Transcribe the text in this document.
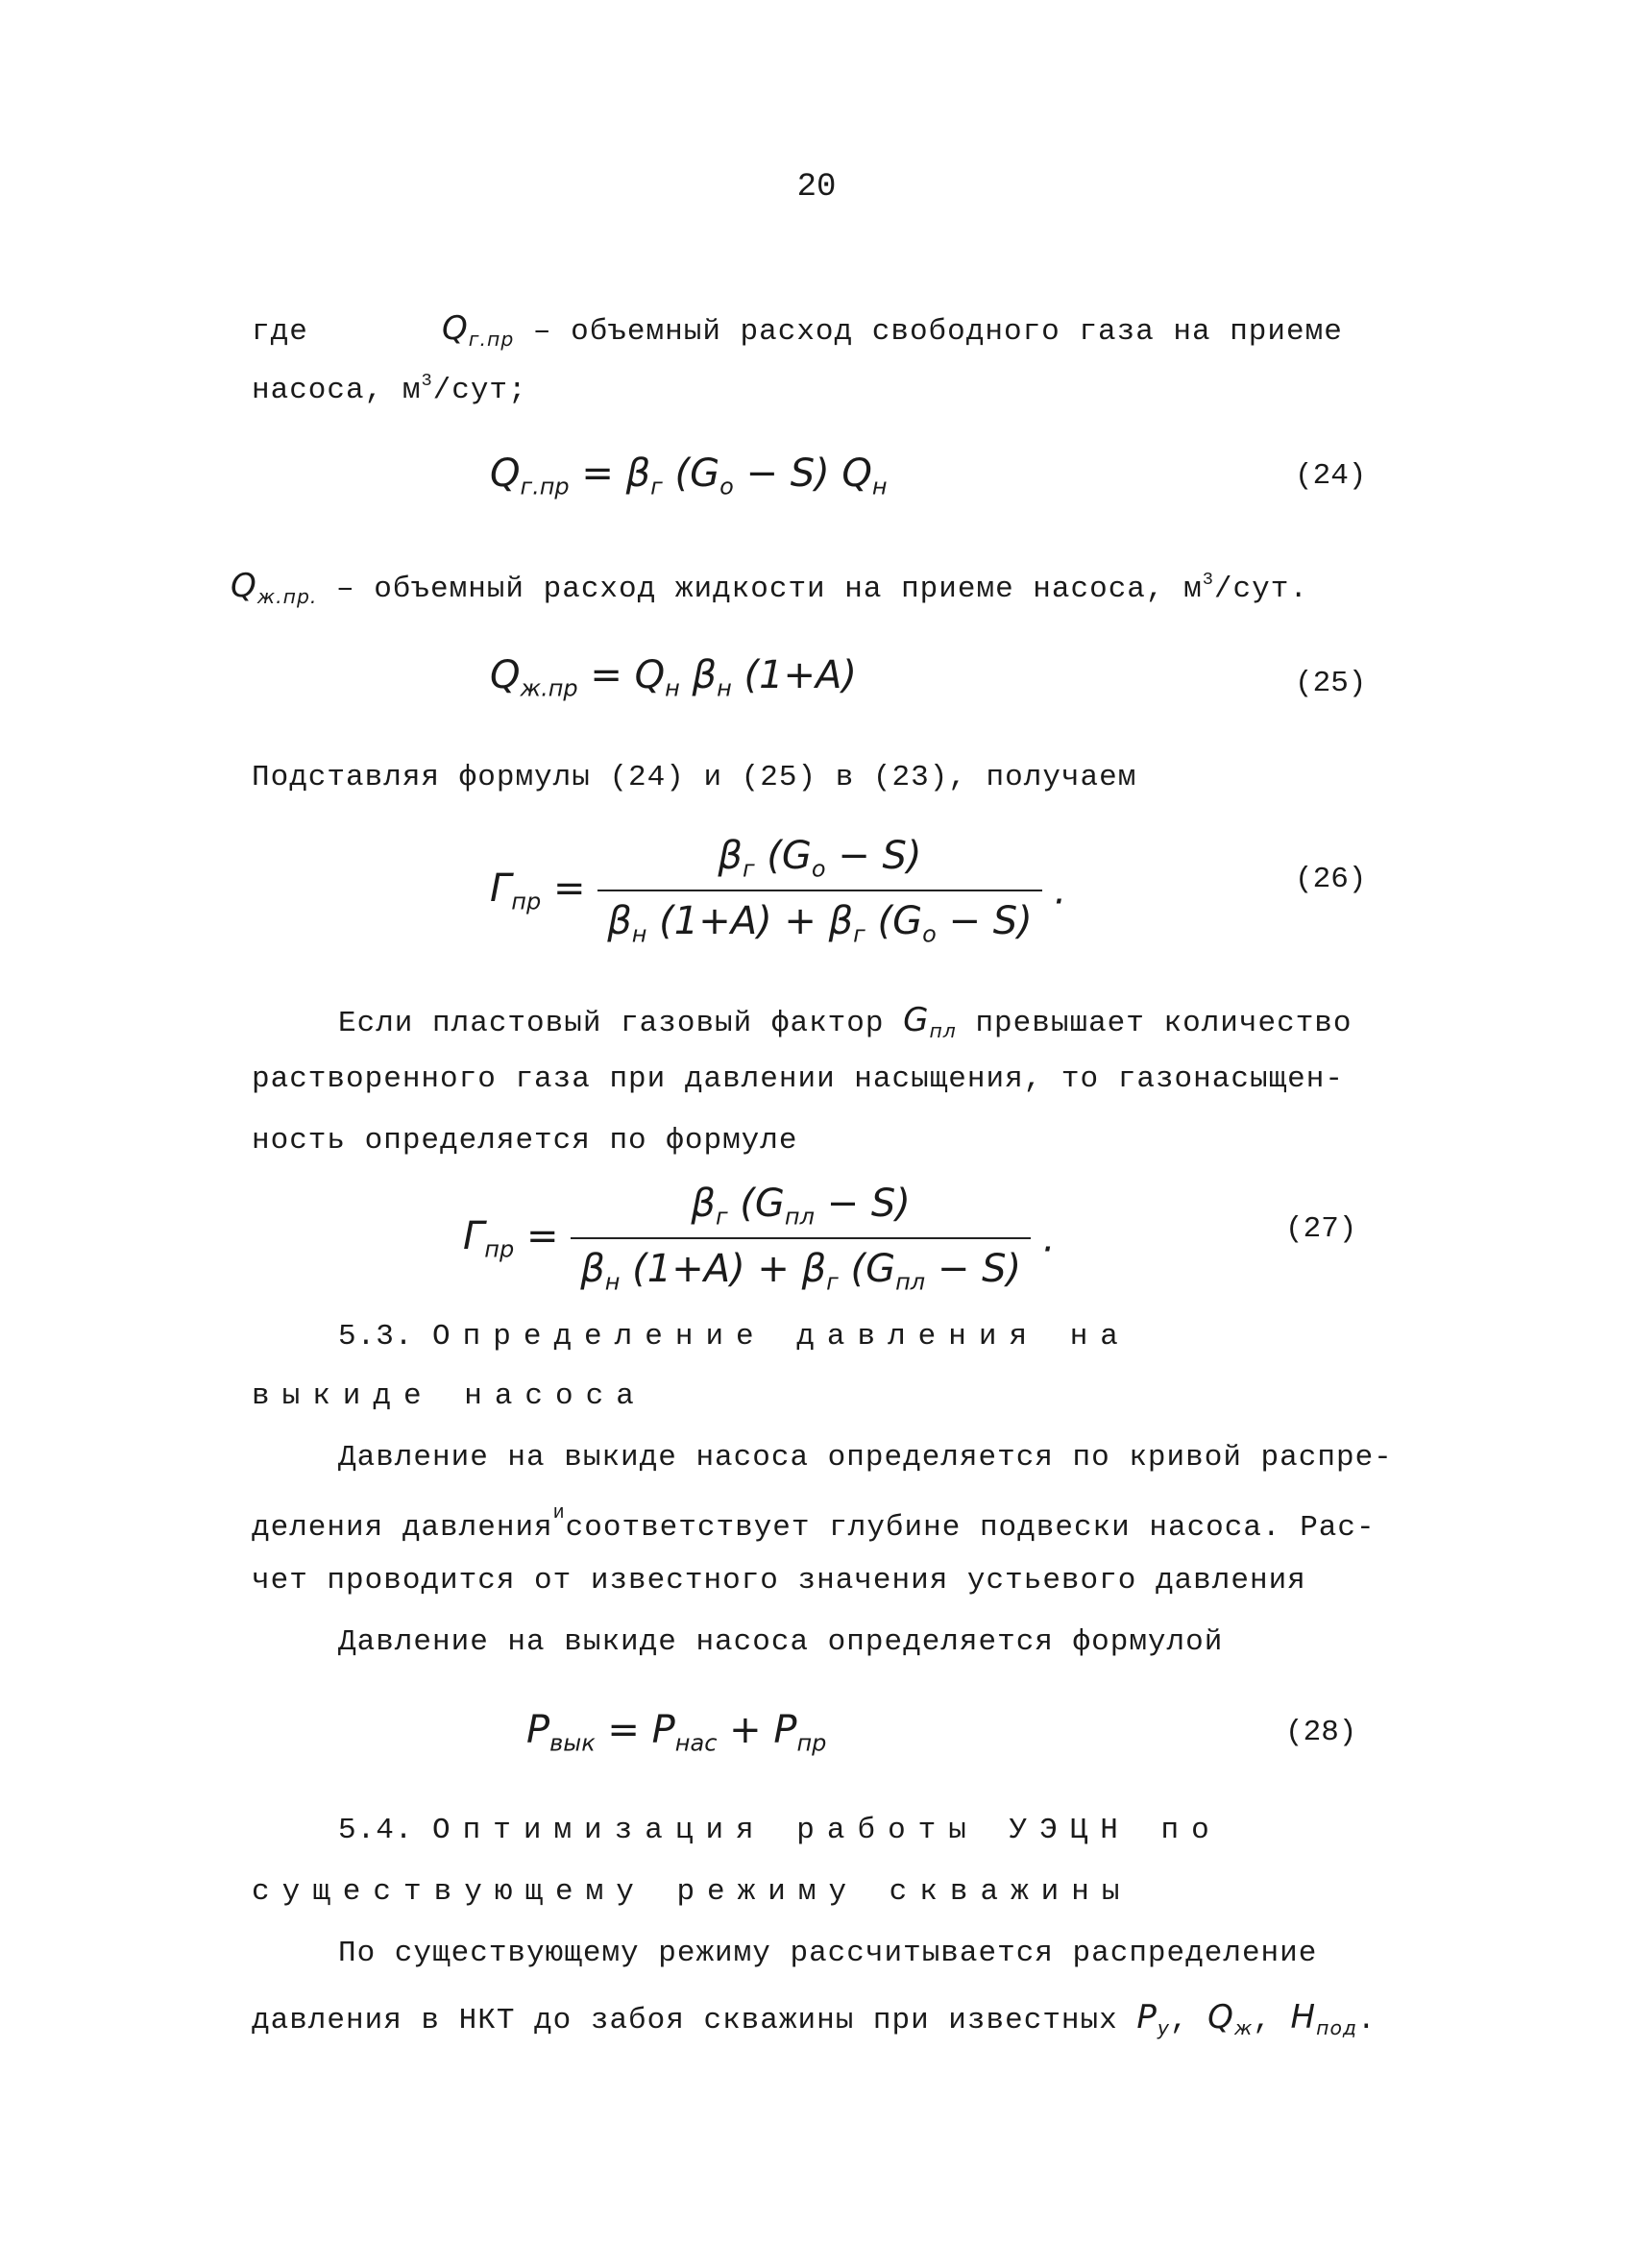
20
где	$Q_{г.пр}$ – объемный расход свободного газа на приеме
насоса, $м^3$/сут;
$Q_{г.пр} = \beta_г$ $(G_о - S)$ $Q_н$	(24)
$Q_{ж.пр.}$ – объемный расход жидкости на приеме насоса, $м^3$/сут.
$Q_{ж.пр} = Q_н$ $\beta_н$ (1+A)	(25)
Подставляя формулы (24) и (25) в (23), получаем
$Г_{пр} = \frac{\beta_г (G_о - S)}{\beta_н (1+A) + \beta_г (G_о - S)}$ .	(26)
Если пластовый газовый фактор $G_{пл}$ превышает количество
растворенного газа при давлении насыщения, то газонасыщен-
ность определяется по формуле
$Г_{пр} = \frac{\beta_г (G_{пл} - S)}{\beta_н (1+A) + \beta_г (G_{пл} - S)}$ .	(27)
5.3. Определение давления на
выкиде насоса
Давление на выкиде насоса определяется по кривой распре-
деления давления$^и$соответствует глубине подвески насоса. Рас-
чет проводится от известного значения устьевого давления
Давление на выкиде насоса определяется формулой
$P_{вык} = P_{нас} + P_{пр}$	(28)
5.4. Оптимизация работы УЭЦН по
существующему режиму скважины
По существующему режиму рассчитывается распределение
давления в НКТ до забоя скважины при известных $P_у$, $Q_ж$, $H_{под}$.
